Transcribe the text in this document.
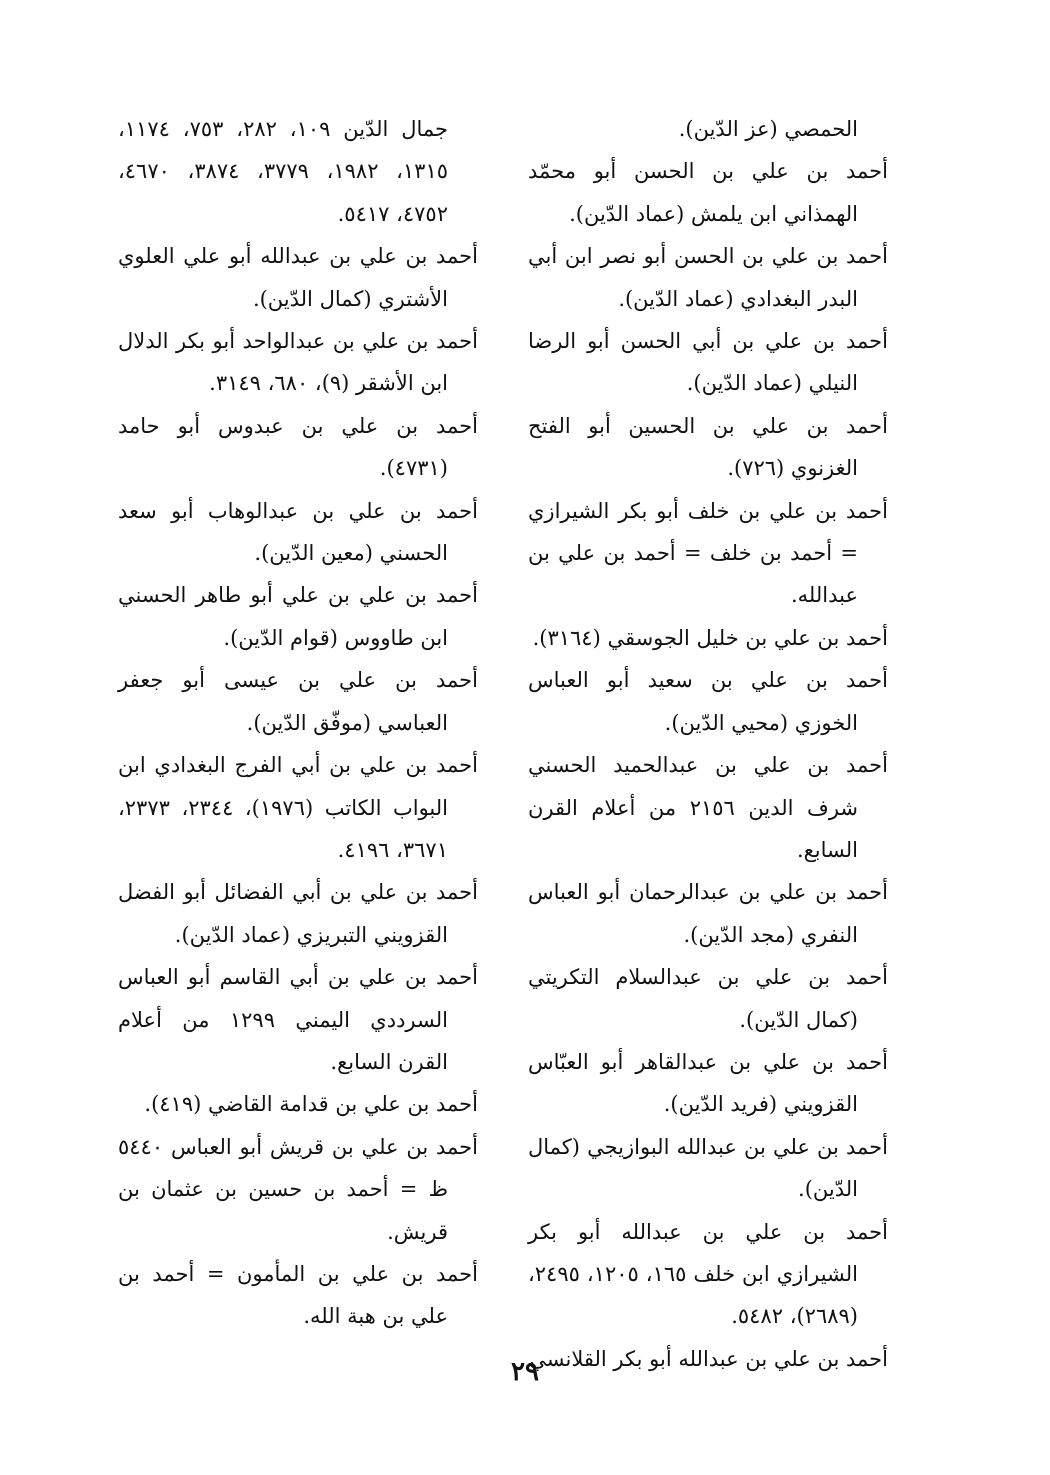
الحمصي (عز الدّين).

أحمد بن علي بن الحسن أبو محمّد الهمذاني ابن يلمش (عماد الدّين).

أحمد بن علي بن الحسن أبو نصر ابن أبي البدر البغدادي (عماد الدّين).

أحمد بن علي بن أبي الحسن أبو الرضا النيلي (عماد الدّين).

أحمد بن علي بن الحسين أبو الفتح الغزنوي (٧٢٦).

أحمد بن علي بن خلف أبو بكر الشيرازي = أحمد بن خلف = أحمد بن علي بن عبدالله.

أحمد بن علي بن خليل الجوسقي (٣١٦٤).

أحمد بن علي بن سعيد أبو العباس الخوزي (محيي الدّين).

أحمد بن علي بن عبدالحميد الحسني شرف الدين ٢١٥٦ من أعلام القرن السابع.

أحمد بن علي بن عبدالرحمان أبو العباس النفري (مجد الدّين).

أحمد بن علي بن عبدالسلام التكريتي (كمال الدّين).

أحمد بن علي بن عبدالقاهر أبو العبّاس القزويني (فريد الدّين).

أحمد بن علي بن عبدالله البوازيجي (كمال الدّين).

أحمد بن علي بن عبدالله أبو بكر الشيرازي ابن خلف ١٦٥، ١٢٠٥، ٢٤٩٥، (٢٦٨٩)، ٥٤٨٢.

أحمد بن علي بن عبدالله أبو بكر القلانسي

جمال الدّين ١٠٩، ٢٨٢، ٧٥٣، ١١٧٤، ١٣١٥، ١٩٨٢، ٣٧٧٩، ٣٨٧٤، ٤٦٧٠، ٤٧٥٢، ٥٤١٧.

أحمد بن علي بن عبدالله أبو علي العلوي الأشتري (كمال الدّين).

أحمد بن علي بن عبدالواحد أبو بكر الدلال ابن الأشقر (٩)، ٦٨٠، ٣١٤٩.

أحمد بن علي بن عبدوس أبو حامد (٤٧٣١).

أحمد بن علي بن عبدالوهاب أبو سعد الحسني (معين الدّين).

أحمد بن علي بن علي أبو طاهر الحسني ابن طاووس (قوام الدّين).

أحمد بن علي بن عيسى أبو جعفر العباسي (موفّق الدّين).

أحمد بن علي بن أبي الفرج البغدادي ابن البواب الكاتب (١٩٧٦)، ٢٣٤٤، ٢٣٧٣، ٣٦٧١، ٤١٩٦.

أحمد بن علي بن أبي الفضائل أبو الفضل القزويني التبريزي (عماد الدّين).

أحمد بن علي بن أبي القاسم أبو العباس السرددي اليمني ١٢٩٩ من أعلام القرن السابع.

أحمد بن علي بن قدامة القاضي (٤١٩).

أحمد بن علي بن قريش أبو العباس ٥٤٤٠ ظ = أحمد بن حسين بن عثمان بن قريش.

أحمد بن علي بن المأمون = أحمد بن علي بن هبة الله.

٢٩
